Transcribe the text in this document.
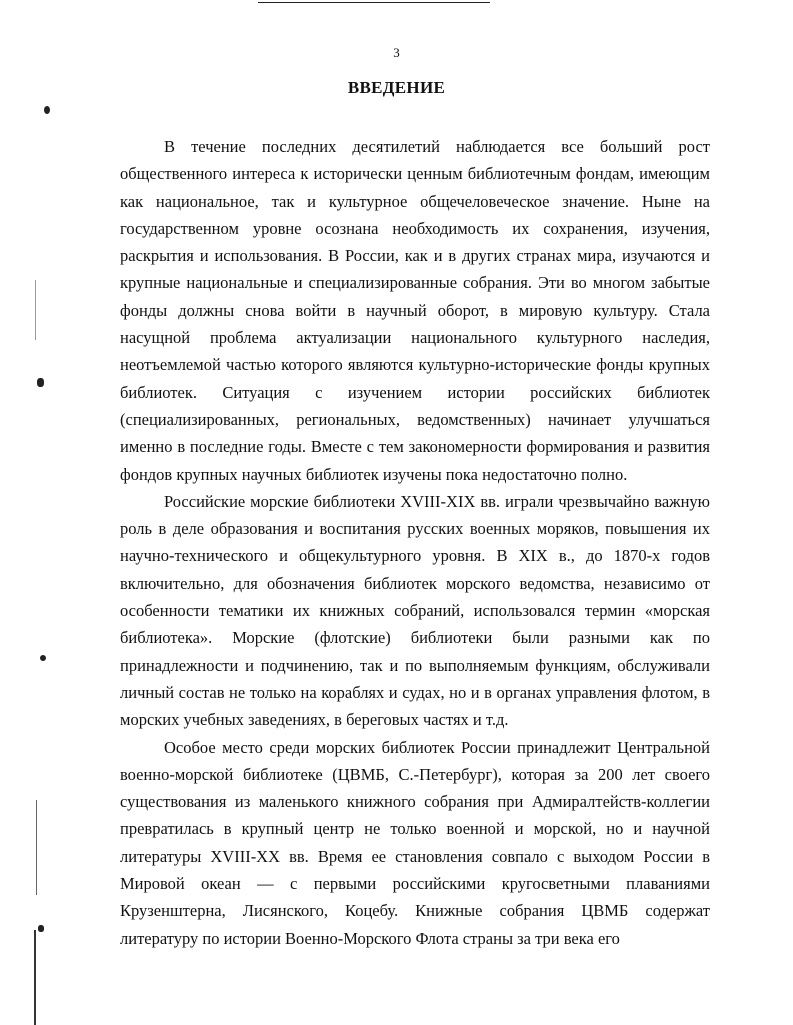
3
ВВЕДЕНИЕ

В течение последних десятилетий наблюдается все больший рост общественного интереса к исторически ценным библиотечным фондам, имеющим как национальное, так и культурное общечеловеческое значение. Ныне на государственном уровне осознана необходимость их сохранения, изучения, раскрытия и использования. В России, как и в других странах мира, изучаются и крупные национальные и специализированные собрания. Эти во многом забытые фонды должны снова войти в научный оборот, в мировую культуру. Стала насущной проблема актуализации национального культурного наследия, неотъемлемой частью которого являются культурно-исторические фонды крупных библиотек. Ситуация с изучением истории российских библиотек (специализированных, региональных, ведомственных) начинает улучшаться именно в последние годы. Вместе с тем закономерности формирования и развития фондов крупных научных библиотек изучены пока недостаточно полно.

Российские морские библиотеки XVIII-XIX вв. играли чрезвычайно важную роль в деле образования и воспитания русских военных моряков, повышения их научно-технического и общекультурного уровня. В XIX в., до 1870-х годов включительно, для обозначения библиотек морского ведомства, независимо от особенности тематики их книжных собраний, использовался термин «морская библиотека». Морские (флотские) библиотеки были разными как по принадлежности и подчинению, так и по выполняемым функциям, обслуживали личный состав не только на кораблях и судах, но и в органах управления флотом, в морских учебных заведениях, в береговых частях и т.д.

Особое место среди морских библиотек России принадлежит Центральной военно-морской библиотеке (ЦВМБ, С.-Петербург), которая за 200 лет своего существования из маленького книжного собрания при Адмиралтейств-коллегии превратилась в крупный центр не только военной и морской, но и научной литературы XVIII-XX вв. Время ее становления совпало с выходом России в Мировой океан — с первыми российскими кругосветными плаваниями Крузенштерна, Лисянского, Коцебу. Книжные собрания ЦВМБ содержат литературу по истории Военно-Морского Флота страны за три века его
